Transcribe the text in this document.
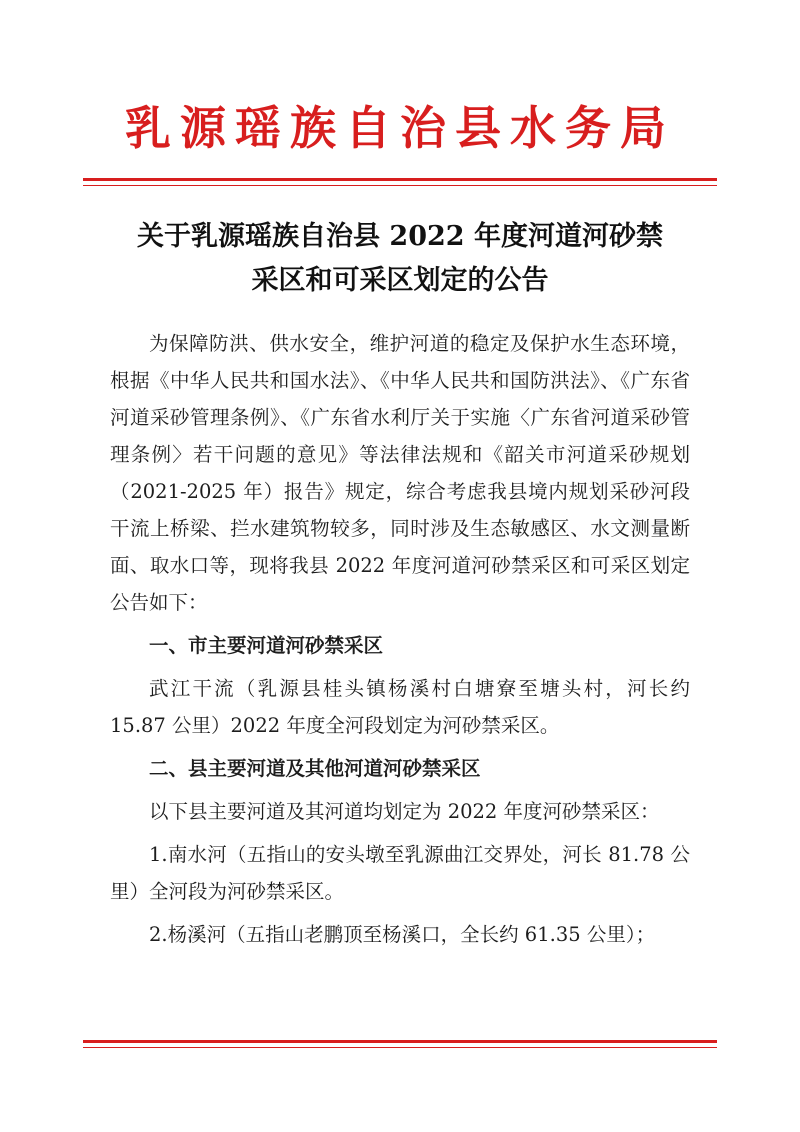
乳源瑶族自治县水务局
关于乳源瑶族自治县 2022 年度河道河砂禁
采区和可采区划定的公告

为保障防洪、供水安全，维护河道的稳定及保护水生态环境，根据《中华人民共和国水法》、《中华人民共和国防洪法》、《广东省河道采砂管理条例》、《广东省水利厅关于实施〈广东省河道采砂管理条例〉若干问题的意见》等法律法规和《韶关市河道采砂规划（2021-2025 年）报告》规定，综合考虑我县境内规划采砂河段干流上桥梁、拦水建筑物较多，同时涉及生态敏感区、水文测量断面、取水口等，现将我县 2022 年度河道河砂禁采区和可采区划定公告如下：

一、市主要河道河砂禁采区

武江干流（乳源县桂头镇杨溪村白塘寮至塘头村，河长约 15.87 公里）2022 年度全河段划定为河砂禁采区。

二、县主要河道及其他河道河砂禁采区

以下县主要河道及其河道均划定为 2022 年度河砂禁采区：

1.南水河（五指山的安头墩至乳源曲江交界处，河长 81.78 公里）全河段为河砂禁采区。

2.杨溪河（五指山老鹏顶至杨溪口，全长约 61.35 公里）；
